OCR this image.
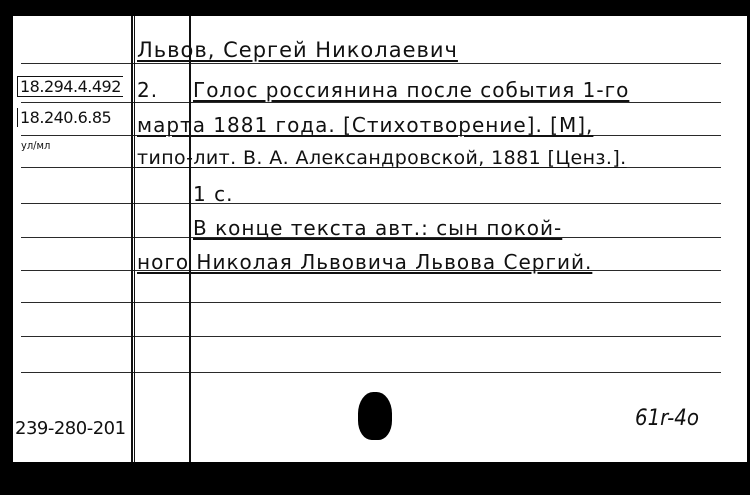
18.294.4.492
18.240.6.85
ул/мл
239-280-201
Львов, Сергей Николаевич
2. Голос россиянина после события 1-го
марта 1881 года. [Стихотворение]. [М],
типо-лит. В. А. Александровской, 1881 [Ценз.].
1 с.
В конце текста авт.: сын покой-
ного Николая Львовича Львова Сергий.
61r-4o
